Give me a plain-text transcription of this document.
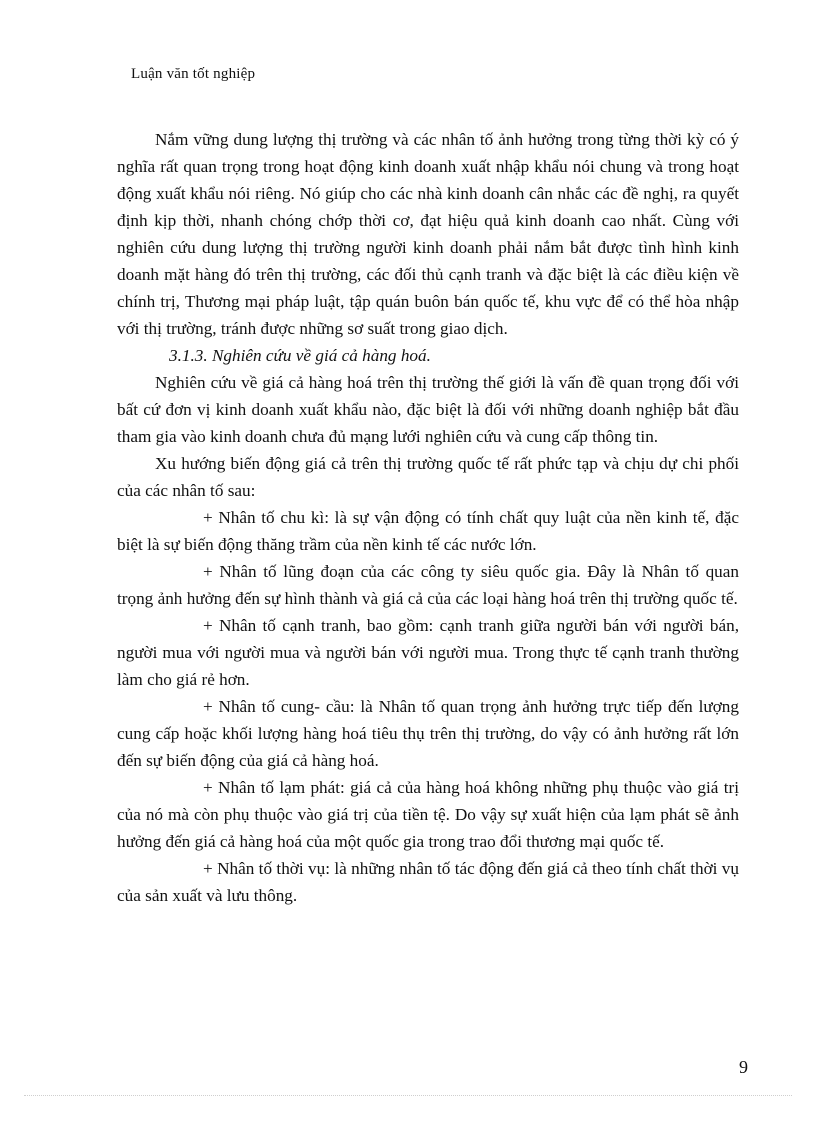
Luận văn tốt nghiệp

Nắm vững dung lượng thị trường và các nhân tố ảnh hưởng trong từng thời kỳ có ý nghĩa rất quan trọng trong hoạt động kinh doanh xuất nhập khẩu nói chung và trong hoạt động xuất khẩu nói riêng. Nó giúp cho các nhà kinh doanh cân nhắc các đề nghị, ra quyết định kịp thời, nhanh chóng chớp thời cơ, đạt hiệu quả kinh doanh cao nhất. Cùng với nghiên cứu dung lượng thị trường người kinh doanh phải nắm bắt được tình hình kinh doanh mặt hàng đó trên thị trường, các đối thủ cạnh tranh và đặc biệt là các điều kiện về chính trị, Thương mại pháp luật, tập quán buôn bán quốc tế, khu vực để có thể hòa nhập với thị trường, tránh được những sơ suất trong giao dịch.

3.1.3. Nghiên cứu về giá cả hàng hoá.

Nghiên cứu về giá cả hàng hoá trên thị trường thế giới là vấn đề quan trọng đối với bất cứ đơn vị kinh doanh xuất khẩu nào, đặc biệt là đối với những doanh nghiệp bắt đầu tham gia vào kinh doanh chưa đủ mạng lưới nghiên cứu và cung cấp thông tin.

Xu hướng biến động giá cả trên thị trường quốc tế rất phức tạp và chịu dự chi phối của các nhân tố sau:

+ Nhân tố chu kì: là sự vận động có tính chất quy luật của nền kinh tế, đặc biệt là sự biến động thăng trầm của nền kinh tế các nước lớn.

+ Nhân tố lũng đoạn của các công ty siêu quốc gia. Đây là Nhân tố quan trọng ảnh hưởng đến sự hình thành và giá cả của các loại hàng hoá trên thị trường quốc tế.

+ Nhân tố cạnh tranh, bao gồm: cạnh tranh giữa người bán với người bán, người mua với người mua và người bán với người mua. Trong thực tế cạnh tranh thường làm cho giá rẻ hơn.

+ Nhân tố cung- cầu: là Nhân tố quan trọng ảnh hưởng trực tiếp đến lượng cung cấp hoặc khối lượng hàng hoá tiêu thụ trên thị trường, do vậy có ảnh hưởng rất lớn đến sự biến động của giá cả hàng hoá.

+ Nhân tố lạm phát: giá cả của hàng hoá không những phụ thuộc vào giá trị của nó mà còn phụ thuộc vào giá trị của tiền tệ. Do vậy sự xuất hiện của lạm phát sẽ ảnh hưởng đến giá cả hàng hoá của một quốc gia trong trao đổi thương mại quốc tế.

+ Nhân tố thời vụ: là những nhân tố tác động đến giá cả theo tính chất thời vụ của sản xuất và lưu thông.

9
